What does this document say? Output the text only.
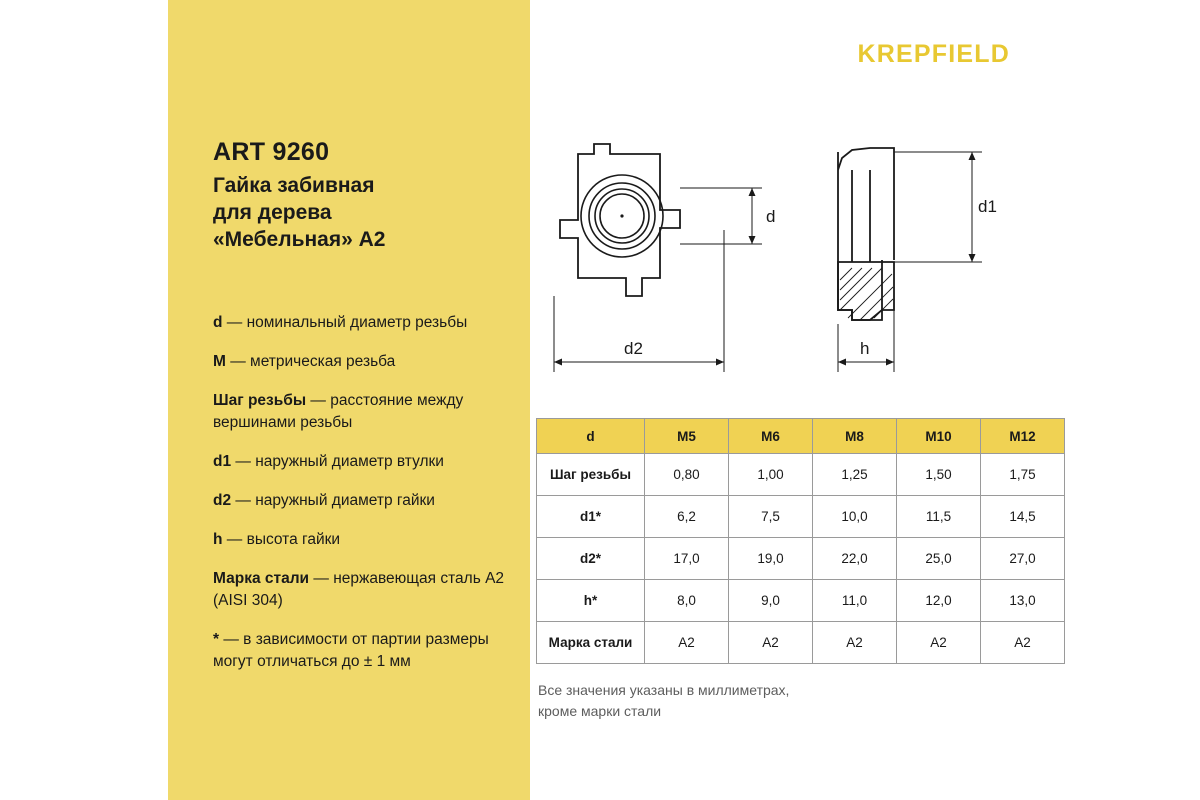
ART 9260
Гайка забивная
для дерева
«Мебельная» A2
d — номинальный диаметр резьбы
M — метрическая резьба
Шаг резьбы — расстояние между вершинами резьбы
d1 — наружный диаметр втулки
d2 — наружный диаметр гайки
h — высота гайки
Марка стали — нержавеющая сталь A2 (AISI 304)
* — в зависимости от партии размеры могут отличаться до ± 1 мм
KREPFIELD
d
d2
d1
h
d	M5	M6	M8	M10	M12
Шаг резьбы	0,80	1,00	1,25	1,50	1,75
d1*	6,2	7,5	10,0	11,5	14,5
d2*	17,0	19,0	22,0	25,0	27,0
h*	8,0	9,0	11,0	12,0	13,0
Марка стали	A2	A2	A2	A2	A2
Все значения указаны в миллиметрах,
кроме марки стали
